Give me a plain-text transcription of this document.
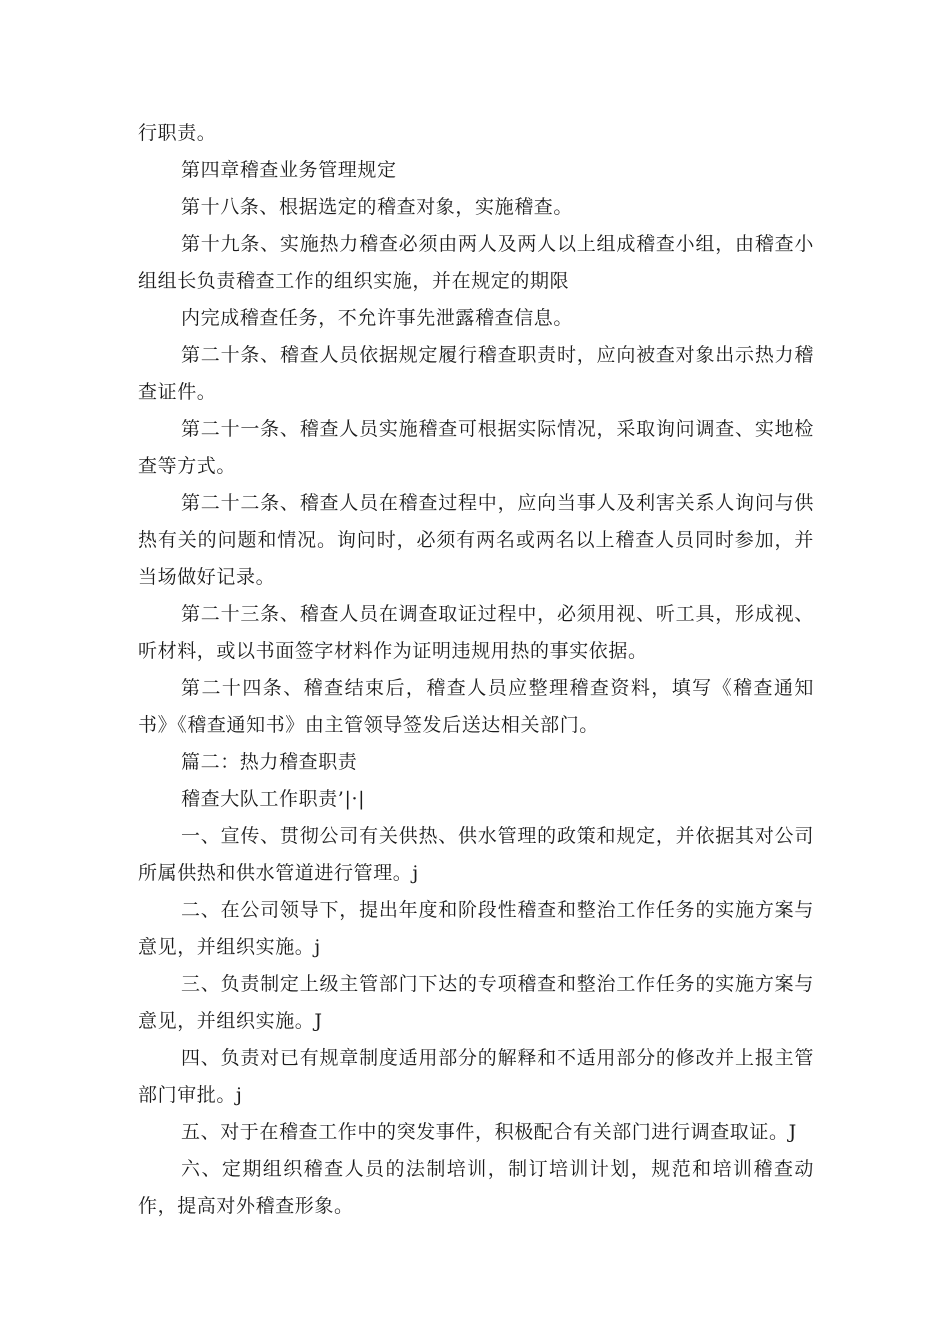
行职责。

第四章稽查业务管理规定

第十八条、根据选定的稽查对象，实施稽查。

第十九条、实施热力稽查必须由两人及两人以上组成稽查小组，由稽查小组组长负责稽查工作的组织实施，并在规定的期限

内完成稽查任务，不允许事先泄露稽查信息。

第二十条、稽查人员依据规定履行稽查职责时，应向被查对象出示热力稽查证件。

第二十一条、稽查人员实施稽查可根据实际情况，采取询问调查、实地检查等方式。

第二十二条、稽查人员在稽查过程中，应向当事人及利害关系人询问与供热有关的问题和情况。询问时，必须有两名或两名以上稽查人员同时参加，并当场做好记录。

第二十三条、稽查人员在调查取证过程中，必须用视、听工具，形成视、听材料，或以书面签字材料作为证明违规用热的事实依据。

第二十四条、稽查结束后，稽查人员应整理稽查资料，填写《稽查通知书》《稽查通知书》由主管领导签发后送达相关部门。

篇二：热力稽查职责

稽查大队工作职责’|·|

一、宣传、贯彻公司有关供热、供水管理的政策和规定，并依据其对公司所属供热和供水管道进行管理。j

二、在公司领导下，提出年度和阶段性稽查和整治工作任务的实施方案与意见，并组织实施。j

三、负责制定上级主管部门下达的专项稽查和整治工作任务的实施方案与意见，并组织实施。J

四、负责对已有规章制度适用部分的解释和不适用部分的修改并上报主管部门审批。j

五、对于在稽查工作中的突发事件，积极配合有关部门进行调查取证。J

六、定期组织稽查人员的法制培训，制订培训计划，规范和培训稽查动作，提高对外稽查形象。
